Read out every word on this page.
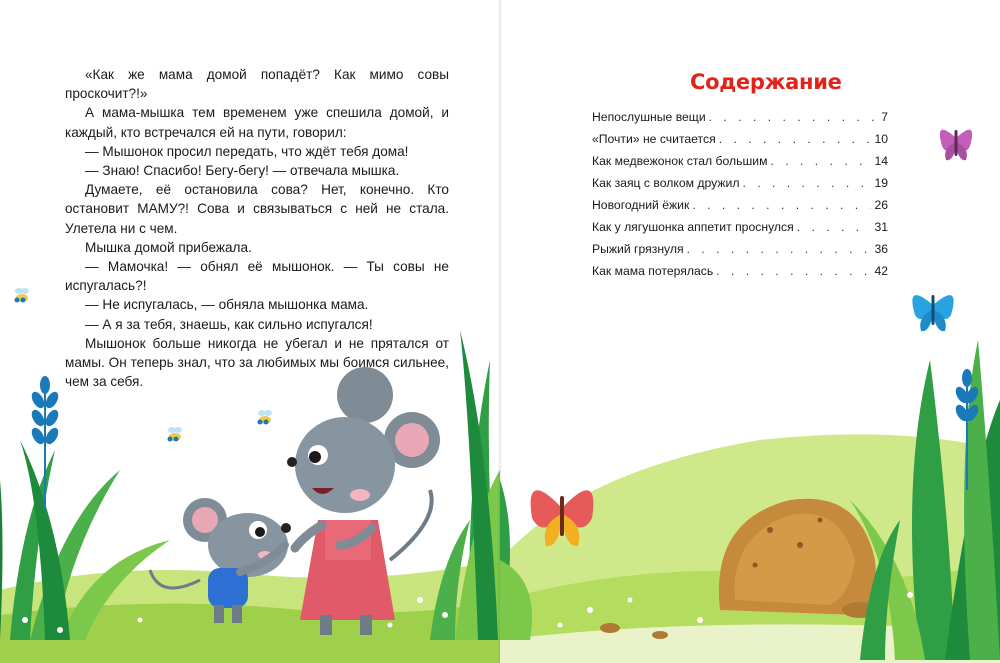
«Как же мама домой попадёт? Как мимо совы проскочит?!»

А мама-мышка тем временем уже спешила домой, и каждый, кто встречался ей на пути, говорил:

— Мышонок просил передать, что ждёт тебя дома!

— Знаю! Спасибо! Бегу-бегу! — отвечала мышка.

Думаете, её остановила сова? Нет, конечно. Кто остановит МАМУ?! Сова и связываться с ней не стала. Улетела ни с чем.

Мышка домой прибежала.

— Мамочка! — обнял её мышонок. — Ты совы не испугалась?!

— Не испугалась, — обняла мышонка мама.

— А я за тебя, знаешь, как сильно испугался!

Мышонок больше никогда не убегал и не прятался от мамы. Он теперь знал, что за любимых мы боимся сильнее, чем за себя.

Содержание
Непослушные вещи . . .	7
«Почти» не считается . . .	10
Как медвежонок стал большим . . .	14
Как заяц с волком дружил . . .	19
Новогодний ёжик . . .	26
Как у лягушонка аппетит проснулся . . .	31
Рыжий грязнуля . . .	36
Как мама потерялась . . .	42
